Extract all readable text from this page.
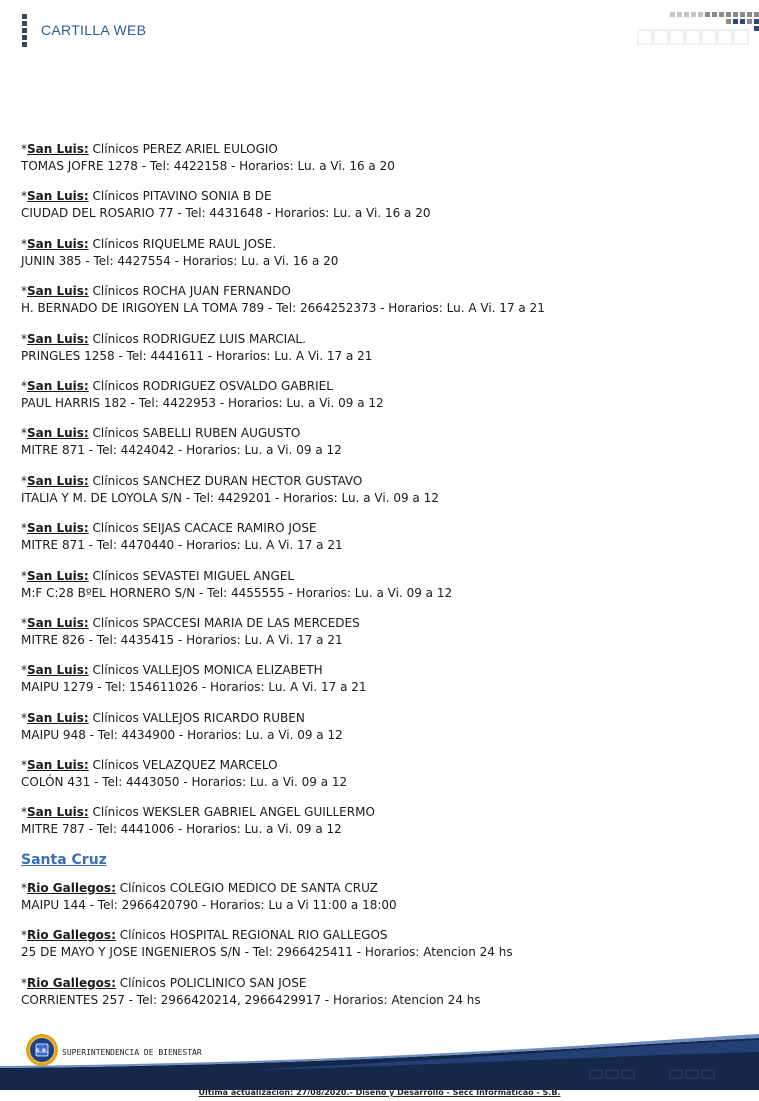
CARTILLA WEB
*San Luis: Clínicos PEREZ ARIEL EULOGIO
TOMAS JOFRE 1278 - Tel: 4422158 - Horarios: Lu. a Vi. 16 a 20
*San Luis: Clínicos PITAVINO SONIA B DE
CIUDAD DEL ROSARIO 77 - Tel: 4431648 - Horarios: Lu. a Vi. 16 a 20
*San Luis: Clínicos RIQUELME RAUL JOSE.
JUNIN 385 - Tel: 4427554 - Horarios: Lu. a Vi. 16 a 20
*San Luis: Clínicos ROCHA JUAN FERNANDO
H. BERNADO DE IRIGOYEN LA TOMA 789 - Tel: 2664252373 - Horarios: Lu. A Vi. 17 a 21
*San Luis: Clínicos RODRIGUEZ LUIS MARCIAL.
PRINGLES 1258 - Tel: 4441611 - Horarios: Lu. A Vi. 17 a 21
*San Luis: Clínicos RODRIGUEZ OSVALDO GABRIEL
PAUL HARRIS 182 - Tel: 4422953 - Horarios: Lu. a Vi. 09 a 12
*San Luis: Clínicos SABELLI RUBEN AUGUSTO
MITRE 871 - Tel: 4424042 - Horarios: Lu. a Vi. 09 a 12
*San Luis: Clínicos SANCHEZ DURAN HECTOR GUSTAVO
ITALIA Y M. DE LOYOLA S/N - Tel: 4429201 - Horarios: Lu. a Vi. 09 a 12
*San Luis: Clínicos SEIJAS CACACE RAMIRO JOSE
MITRE 871 - Tel: 4470440 - Horarios: Lu. A Vi. 17 a 21
*San Luis: Clínicos SEVASTEI MIGUEL ANGEL
M:F C:28 BºEL HORNERO S/N - Tel: 4455555 - Horarios: Lu. a Vi. 09 a 12
*San Luis: Clínicos SPACCESI MARIA DE LAS MERCEDES
MITRE 826 - Tel: 4435415 - Horarios: Lu. A Vi. 17 a 21
*San Luis: Clínicos VALLEJOS MONICA ELIZABETH
MAIPU 1279 - Tel: 154611026 - Horarios: Lu. A Vi. 17 a 21
*San Luis: Clínicos VALLEJOS RICARDO RUBEN
MAIPU 948 - Tel: 4434900 - Horarios: Lu. a Vi. 09 a 12
*San Luis: Clínicos VELAZQUEZ MARCELO
COLÓN 431 - Tel: 4443050 - Horarios: Lu. a Vi. 09 a 12
*San Luis: Clínicos WEKSLER GABRIEL ANGEL GUILLERMO
MITRE 787 - Tel: 4441006 - Horarios: Lu. a Vi. 09 a 12
Santa Cruz
*Rio Gallegos: Clínicos COLEGIO MEDICO DE SANTA CRUZ
MAIPU 144 - Tel: 2966420790 - Horarios: Lu a Vi 11:00 a 18:00
*Rio Gallegos: Clínicos HOSPITAL REGIONAL RIO GALLEGOS
25 DE MAYO Y JOSE INGENIEROS S/N - Tel: 2966425411 - Horarios: Atencion 24 hs
*Rio Gallegos: Clínicos POLICLINICO SAN JOSE
CORRIENTES 257 - Tel: 2966420214, 2966429917 - Horarios: Atencion 24 hs
S.B. SUPERINTENDENCIA DE BIENESTAR
Ultima actualización: 27/08/2020.- Diseño y Desarrollo - Secc Informáticao - S.B.
